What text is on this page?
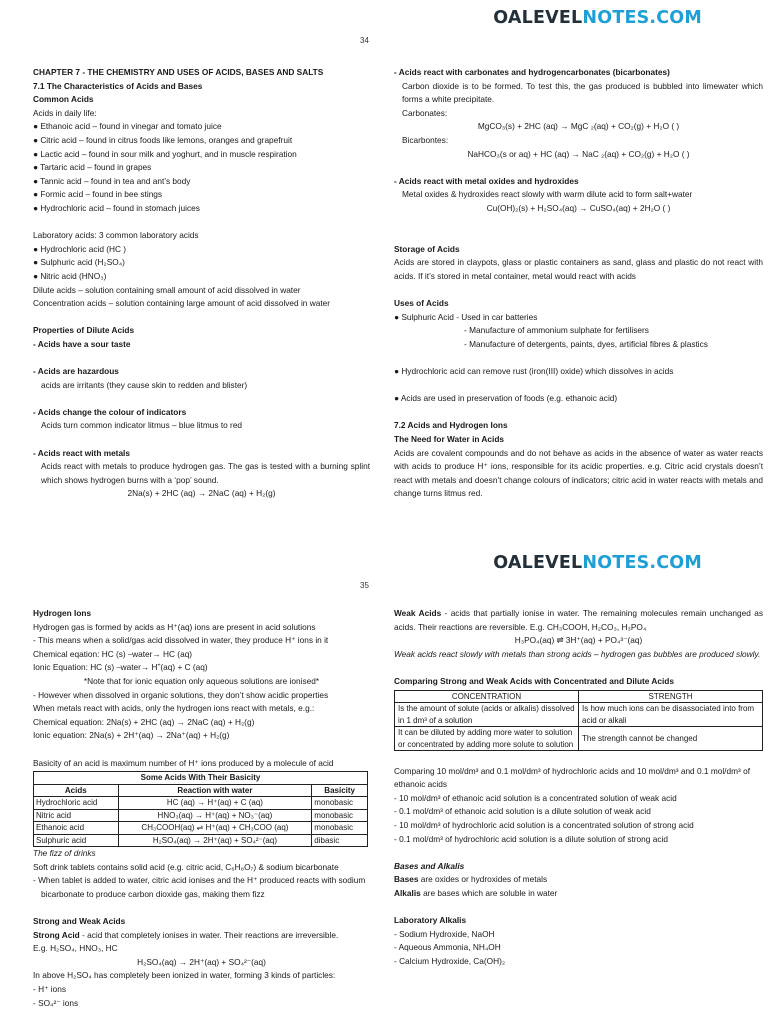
OALEVELNOTES.COM
34

CHAPTER 7 - THE CHEMISTRY AND USES OF ACIDS, BASES AND SALTS

7.1 The Characteristics of Acids and Bases

Common Acids

Acids in daily life:

● Ethanoic acid – found in vinegar and tomato juice

● Citric acid – found in citrus foods like lemons, oranges and grapefruit

● Lactic acid – found in sour milk and yoghurt, and in muscle respiration

● Tartaric acid – found in grapes

● Tannic acid – found in tea and ant’s body

● Formic acid – found in bee stings

● Hydrochloric acid – found in stomach juices

Laboratory acids: 3 common laboratory acids

● Hydrochloric acid (HC )

● Sulphuric acid (H₂SO₄)

● Nitric acid (HNO₃)

Dilute acids – solution containing small amount of acid dissolved in water

Concentration acids – solution containing large amount of acid dissolved in water

Properties of Dilute Acids

- Acids have a sour taste

- Acids are hazardous

acids are irritants (they cause skin to redden and blister)

- Acids change the colour of indicators

Acids turn common indicator litmus – blue litmus to red

- Acids react with metals

Acids react with metals to produce hydrogen gas. The gas is tested with a burning splint which shows hydrogen burns with a ‘pop’ sound.

2Na(s) + 2HC (aq) → 2NaC (aq) + H₂(g)

- Acids react with carbonates and hydrogencarbonates (bicarbonates)

Carbon dioxide is to be formed. To test this, the gas produced is bubbled into limewater which forms a white precipitate.

Carbonates:

MgCO₃(s) + 2HC (aq) → MgC ₂(aq) + CO₂(g) + H₂O ( )

Bicarbontes:

NaHCO₃(s or aq) + HC (aq) → NaC ₂(aq) + CO₂(g) + H₂O ( )

- Acids react with metal oxides and hydroxides

Metal oxides & hydroxides react slowly with warm dilute acid to form salt+water

Cu(OH)₂(s) + H₂SO₄(aq) → CuSO₄(aq) + 2H₂O ( )

Storage of Acids

Acids are stored in claypots, glass or plastic containers as sand, glass and plastic do not react with acids. If it’s stored in metal container, metal would react with acids

Uses of Acids

● Sulphuric Acid - Used in car batteries

- Manufacture of ammonium sulphate for fertilisers

- Manufacture of detergents, paints, dyes, artificial fibres & plastics

● Hydrochloric acid can remove rust (iron(III) oxide) which dissolves in acids

● Acids are used in preservation of foods (e.g. ethanoic acid)

7.2 Acids and Hydrogen Ions

The Need for Water in Acids

Acids are covalent compounds and do not behave as acids in the absence of water as water reacts with acids to produce H⁺ ions, responsible for its acidic properties. e.g. Citric acid crystals doesn’t react with metals and doesn’t change colours of indicators; citric acid in water reacts with metals and change turns litmus red.

OALEVELNOTES.COM
35

Hydrogen Ions

Hydrogen gas is formed by acids as H⁺(aq) ions are present in acid solutions

- This means when a solid/gas acid dissolved in water, they produce H⁺ ions in it

Chemical eqation: HC (s) ⎯water→ HC (aq)

Ionic Equation: HC (s) ⎯water→ H⁺(aq) + C (aq)

*Note that for ionic equation only aqueous solutions are ionised*

- However when dissolved in organic solutions, they don’t show acidic properties

When metals react with acids, only the hydrogen ions react with metals, e.g.:

Chemical equation: 2Na(s) + 2HC (aq) → 2NaC (aq) + H₂(g)

Ionic equation: 2Na(s) + 2H⁺(aq) → 2Na⁺(aq) + H₂(g)

Basicity of an acid is maximum number of H⁺ ions produced by a molecule of acid

Some Acids With Their Basicity		
Acids	Reaction with water	Basicity
Hydrochloric acid	HC (aq) → H⁺(aq) + C (aq)	monobasic
Nitric acid	HNO₃(aq) → H⁺(aq) + NO₃⁻(aq)	monobasic
Ethanoic acid	CH₃COOH(aq) ⇌ H⁺(aq) + CH₃COO (aq)	monobasic
Sulphuric acid	H₂SO₄(aq) → 2H⁺(aq) + SO₄²⁻(aq)	dibasic

The fizz of drinks

Soft drink tablets contains solid acid (e.g. citric acid, C₆H₈O₇) & sodium bicarbonate

- When tablet is added to water, citric acid ionises and the H⁺ produced reacts with sodium bicarbonate to produce carbon dioxide gas, making them fizz

Strong and Weak Acids

Strong Acid - acid that completely ionises in water. Their reactions are irreversible.

E.g. H₂SO₄, HNO₃, HC

H₂SO₄(aq) → 2H⁺(aq) + SO₄²⁻(aq)

In above H₂SO₄ has completely been ionized in water, forming 3 kinds of particles:

- H⁺ ions

- SO₄²⁻ ions

Weak Acids - acids that partially ionise in water. The remaining molecules remain unchanged as acids. Their reactions are reversible. E.g. CH₃COOH, H₂CO₃, H₃PO₄

H₃PO₄(aq) ⇌ 3H⁺(aq) + PO₄³⁻(aq)

Weak acids react slowly with metals than strong acids – hydrogen gas bubbles are produced slowly.

Comparing Strong and Weak Acids with Concentrated and Dilute Acids

CONCENTRATION	STRENGTH
Is the amount of solute (acids or alkalis) dissolved in 1 dm³ of a solution	Is how much ions can be disassociated into from acid or alkali
It can be diluted by adding more water to solution or concentrated by adding more solute to solution	The strength cannot be changed

Comparing 10 mol/dm³ and 0.1 mol/dm³ of hydrochloric acids and 10 mol/dm³ and 0.1 mol/dm³ of ethanoic acids

- 10 mol/dm³ of ethanoic acid solution is a concentrated solution of weak acid

- 0.1 mol/dm³ of ethanoic acid solution is a dilute solution of weak acid

- 10 mol/dm³ of hydrochloric acid solution is a concentrated solution of strong acid

- 0.1 mol/dm³ of hydrochloric acid solution is a dilute solution of strong acid

Bases and Alkalis

Bases are oxides or hydroxides of metals

Alkalis are bases which are soluble in water

Laboratory Alkalis

- Sodium Hydroxide, NaOH

- Aqueous Ammonia, NH₄OH

- Calcium Hydroxide, Ca(OH)₂
